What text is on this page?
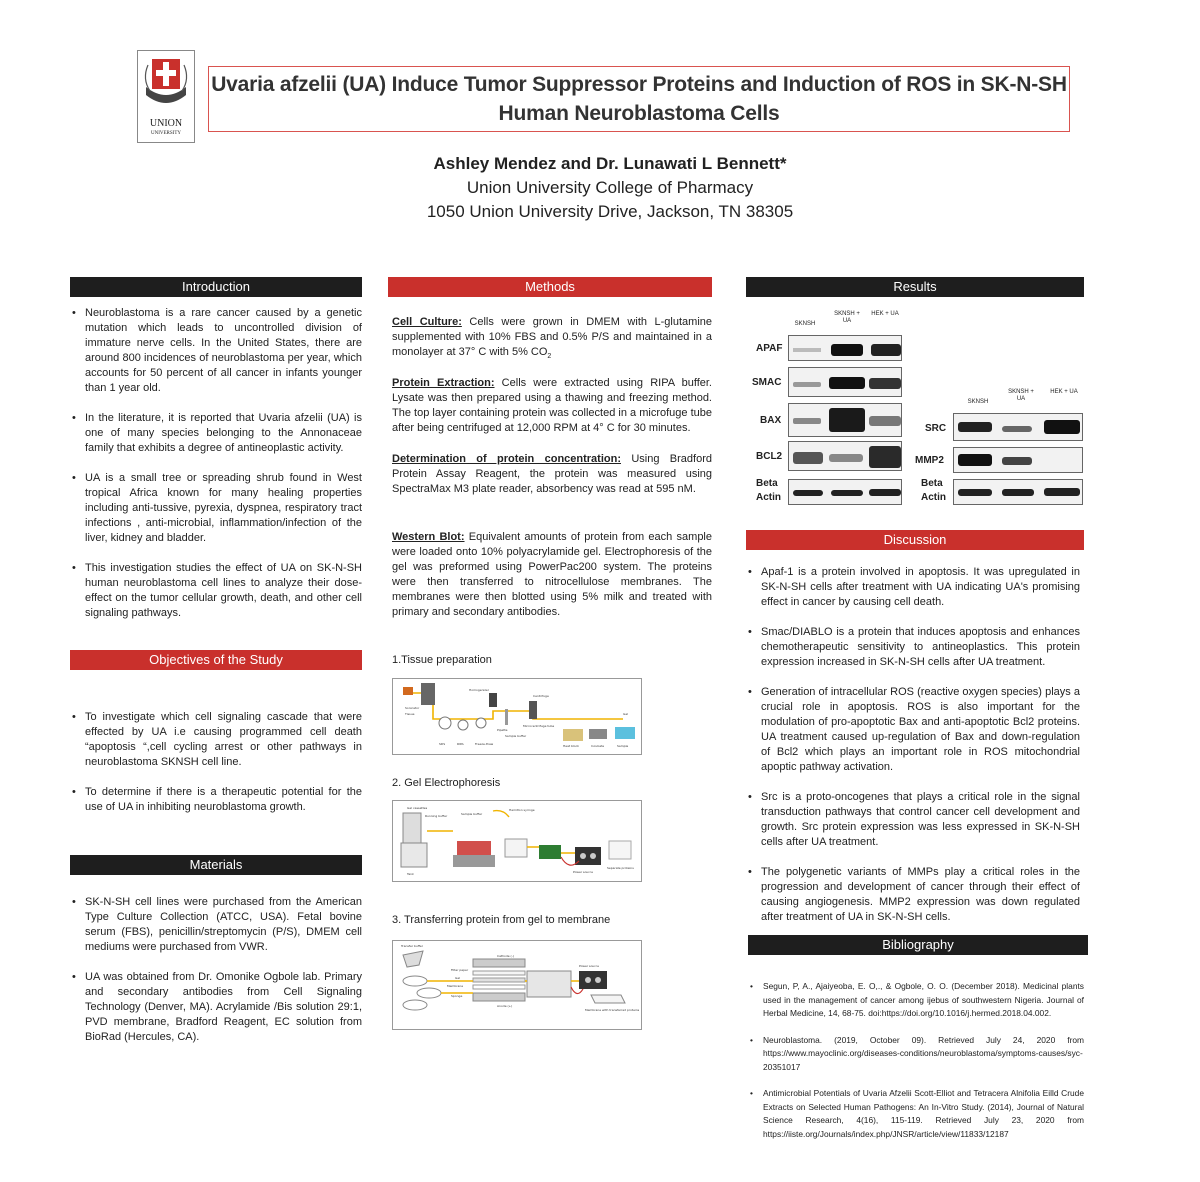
UNION
UNIVERSITY
Uvaria afzelii (UA) Induce Tumor Suppressor Proteins and Induction of ROS in SK-N-SH
Human Neuroblastoma Cells
Ashley Mendez and Dr. Lunawati L Bennett*
Union University College of Pharmacy
1050 Union University Drive, Jackson, TN 38305
Introduction
• Neuroblastoma is a rare cancer caused by a genetic mutation which leads to uncontrolled division of immature nerve cells. In the United States, there are around 800 incidences of neuroblastoma per year, which accounts for 50 percent of all cancer in infants younger than 1 year old.
• In the literature, it is reported that Uvaria afzelii (UA) is one of many species belonging to the Annonaceae family that exhibits a degree of antineoplastic activity.
• UA is a small tree or spreading shrub found in West tropical Africa known for many healing properties including anti-tussive, pyrexia, dyspnea, respiratory tract infections , anti-microbial, inflammation/infection of the liver, kidney and bladder.
• This investigation studies the effect of UA on SK-N-SH human neuroblastoma cell lines to analyze their dose-effect on the tumor cellular growth, death, and other cell signaling pathways.
Objectives of the Study
• To investigate which cell signaling cascade that were effected by UA i.e causing programmed cell death “apoptosis “,cell cycling arrest or other pathways in neuroblastoma SKNSH cell line.
• To determine if there is a therapeutic potential for the use of UA in inhibiting neuroblastoma growth.
Materials
• SK-N-SH cell lines were purchased from the American Type Culture Collection (ATCC, USA). Fetal bovine serum (FBS), penicillin/streptomycin (P/S), DMEM cell mediums were purchased from VWR.
• UA was obtained from Dr. Omonike Ogbole lab. Primary and secondary antibodies from Cell Signaling Technology (Denver, MA). Acrylamide /Bis solution 29:1, PVD membrane, Bradford Reagent, EC solution from BioRad (Hercules, CA).
Methods
Cell Culture: Cells were grown in DMEM with L-glutamine supplemented with 10% FBS and 0.5% P/S and maintained in a monolayer at 37° C with 5% $CO_2$
Protein Extraction: Cells were extracted using RIPA buffer. Lysate was then prepared using a thawing and freezing method. The top layer containing protein was collected in a microfuge tube after being centrifuged at 12,000 RPM at 4° C for 30 minutes.
Determination of protein concentration: Using Bradford Protein Assay Reagent, the protein was measured using SpectraMax M3 plate reader, absorbency was read at 595 nM.
Western Blot: Equivalent amounts of protein from each sample were loaded onto 10% polyacrylamide gel. Electrophoresis of the gel was preformed using PowerPac200 system. The proteins were then transferred to nitrocellulose membranes. The membranes were then blotted using 5% milk and treated with primary and secondary antibodies.
1.Tissue preparation
SDS	RIPA	Freeze-thaw
Homogenizer
Pipette
Sample buffer
Microcentrifuge tube
Centrifuge
Heat block	Incubate	Sample
Sonicator
Tissue	Gel
2. Gel Electrophoresis
Gel cassettes
Running buffer	Sample buffer
Hamilton syringe
Power source
Tank
Separate proteins
3. Transferring protein from gel to membrane
Transfer buffer
Cathode (-)
Filter paper
Gel
Membrane
Anode (+)
Sponge
Power source
Membrane with transferred proteins
Results
SKNSH
SKNSH + UA
HEK + UA
APAF
SMAC
BAX
BCL2
Beta Actin
SKNSH
SKNSH + UA
HEK + UA
SRC
MMP2
Beta Actin
Discussion
• Apaf-1 is a protein involved in apoptosis. It was upregulated in SK-N-SH cells after treatment with UA indicating UA's promising effect in cancer by causing cell death.
• Smac/DIABLO is a protein that induces apoptosis and enhances chemotherapeutic sensitivity to antineoplastics. This protein expression increased in SK-N-SH cells after UA treatment.
• Generation of intracellular ROS (reactive oxygen species) plays a crucial role in apoptosis. ROS is also important for the modulation of pro-apoptotic Bax and anti-apoptotic Bcl2 proteins. UA treatment caused up-regulation of Bax and down-regulation of Bcl2 which plays an important role in ROS mitochondrial apoptic pathway activation.
• Src is a proto-oncogenes that plays a critical role in the signal transduction pathways that control cancer cell development and growth. Src protein expression was less expressed in SK-N-SH cells after UA treatment.
• The polygenetic variants of MMPs play a critical roles in the progression and development of cancer through their effect of causing angiogenesis. MMP2 expression was down regulated after treatment of UA in SK-N-SH cells.
Bibliography
• Segun, P, A., Ajaiyeoba, E. O,., & Ogbole, O. O. (December 2018). Medicinal plants used in the management of cancer among ijebus of southwestern Nigeria. Journal of Herbal Medicine, 14, 68-75. doi:https://doi.org/10.1016/j.hermed.2018.04.002.
• Neuroblastoma. (2019, October 09). Retrieved July 24, 2020 from https://www.mayoclinic.org/diseases-conditions/neuroblastoma/symptoms-causes/syc-20351017
• Antimicrobial Potentials of Uvaria Afzelii Scott-Elliot and Tetracera Alnifolia Eilld Crude Extracts on Selected Human Pathogens: An In-Vitro Study. (2014), Journal of Natural Science Research, 4(16), 115-119. Retrieved July 23, 2020 from https://iiste.org/Journals/index.php/JNSR/article/view/11833/12187
